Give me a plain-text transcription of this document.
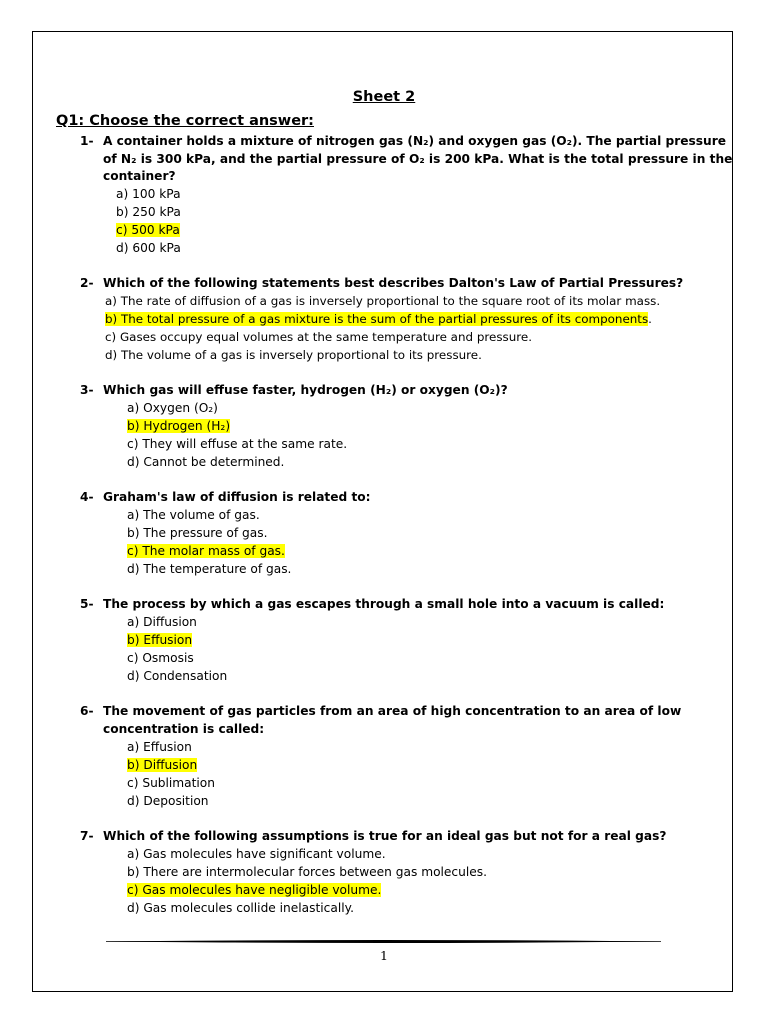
Sheet 2
Q1: Choose the correct answer:
1- A container holds a mixture of nitrogen gas (N₂) and oxygen gas (O₂). The partial pressure
of N₂ is 300 kPa, and the partial pressure of O₂ is 200 kPa. What is the total pressure in the
container?
a) 100 kPa
b) 250 kPa
c) 500 kPa
d) 600 kPa
2- Which of the following statements best describes Dalton's Law of Partial Pressures?
a) The rate of diffusion of a gas is inversely proportional to the square root of its molar mass.
b) The total pressure of a gas mixture is the sum of the partial pressures of its components.
c) Gases occupy equal volumes at the same temperature and pressure.
d) The volume of a gas is inversely proportional to its pressure.
3- Which gas will effuse faster, hydrogen (H₂) or oxygen (O₂)?
a) Oxygen (O₂)
b) Hydrogen (H₂)
c) They will effuse at the same rate.
d) Cannot be determined.
4- Graham's law of diffusion is related to:
a) The volume of gas.
b) The pressure of gas.
c) The molar mass of gas.
d) The temperature of gas.
5- The process by which a gas escapes through a small hole into a vacuum is called:
a) Diffusion
b) Effusion
c) Osmosis
d) Condensation
6- The movement of gas particles from an area of high concentration to an area of low
concentration is called:
a) Effusion
b) Diffusion
c) Sublimation
d) Deposition
7- Which of the following assumptions is true for an ideal gas but not for a real gas?
a) Gas molecules have significant volume.
b) There are intermolecular forces between gas molecules.
c) Gas molecules have negligible volume.
d) Gas molecules collide inelastically.
1
